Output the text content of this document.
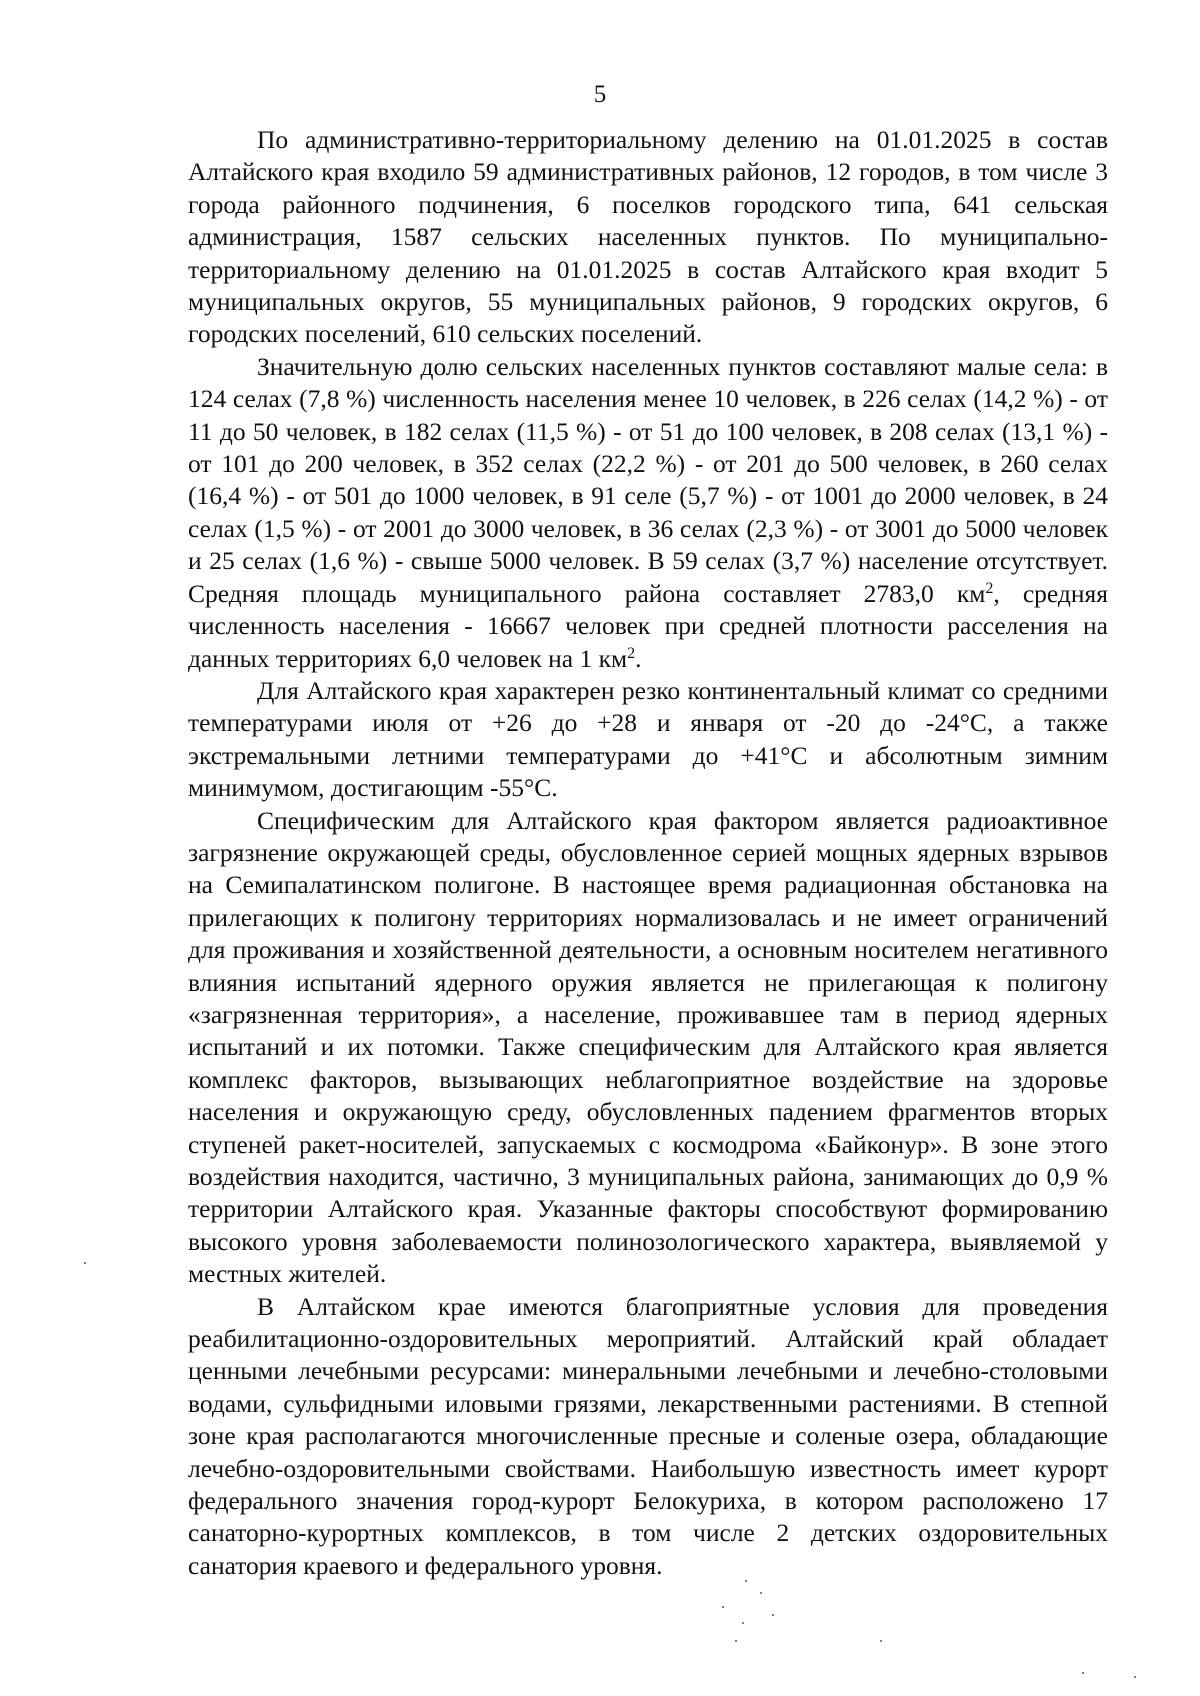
5

По административно-территориальному делению на 01.01.2025 в состав Алтайского края входило 59 административных районов, 12 городов, в том числе 3 города районного подчинения, 6 поселков городского типа, 641 сельская администрация, 1587 сельских населенных пунктов. По муниципально-территориальному делению на 01.01.2025 в состав Алтайского края входит 5 муниципальных округов, 55 муниципальных районов, 9 городских округов, 6 городских поселений, 610 сельских поселений.

Значительную долю сельских населенных пунктов составляют малые села: в 124 селах (7,8 %) численность населения менее 10 человек, в 226 селах (14,2 %) - от 11 до 50 человек, в 182 селах (11,5 %) - от 51 до 100 человек, в 208 селах (13,1 %) - от 101 до 200 человек, в 352 селах (22,2 %) - от 201 до 500 человек, в 260 селах (16,4 %) - от 501 до 1000 человек, в 91 селе (5,7 %) - от 1001 до 2000 человек, в 24 селах (1,5 %) - от 2001 до 3000 человек, в 36 селах (2,3 %) - от 3001 до 5000 человек и 25 селах (1,6 %) - свыше 5000 человек. В 59 селах (3,7 %) население отсутствует. Средняя площадь муниципального района составляет 2783,0 $км^2$, средняя численность населения - 16667 человек при средней плотности расселения на данных территориях 6,0 человек на 1 $км^2$.

Для Алтайского края характерен резко континентальный климат со средними температурами июля от +26 до +28 и января от -20 до -24°С, а также экстремальными летними температурами до +41°С и абсолютным зимним минимумом, достигающим -55°С.

Специфическим для Алтайского края фактором является радиоактивное загрязнение окружающей среды, обусловленное серией мощных ядерных взрывов на Семипалатинском полигоне. В настоящее время радиационная обстановка на прилегающих к полигону территориях нормализовалась и не имеет ограничений для проживания и хозяйственной деятельности, а основным носителем негативного влияния испытаний ядерного оружия является не прилегающая к полигону «загрязненная территория», а население, проживавшее там в период ядерных испытаний и их потомки. Также специфическим для Алтайского края является комплекс факторов, вызывающих неблагоприятное воздействие на здоровье населения и окружающую среду, обусловленных падением фрагментов вторых ступеней ракет-носителей, запускаемых с космодрома «Байконур». В зоне этого воздействия находится, частично, 3 муниципальных района, занимающих до 0,9 % территории Алтайского края. Указанные факторы способствуют формированию высокого уровня заболеваемости полинозологического характера, выявляемой у местных жителей.

В Алтайском крае имеются благоприятные условия для проведения реабилитационно-оздоровительных мероприятий. Алтайский край обладает ценными лечебными ресурсами: минеральными лечебными и лечебно-столовыми водами, сульфидными иловыми грязями, лекарственными растениями. В степной зоне края располагаются многочисленные пресные и соленые озера, обладающие лечебно-оздоровительными свойствами. Наибольшую известность имеет курорт федерального значения город-курорт Белокуриха, в котором расположено 17 санаторно-курортных комплексов, в том числе 2 детских оздоровительных санатория краевого и федерального уровня.
